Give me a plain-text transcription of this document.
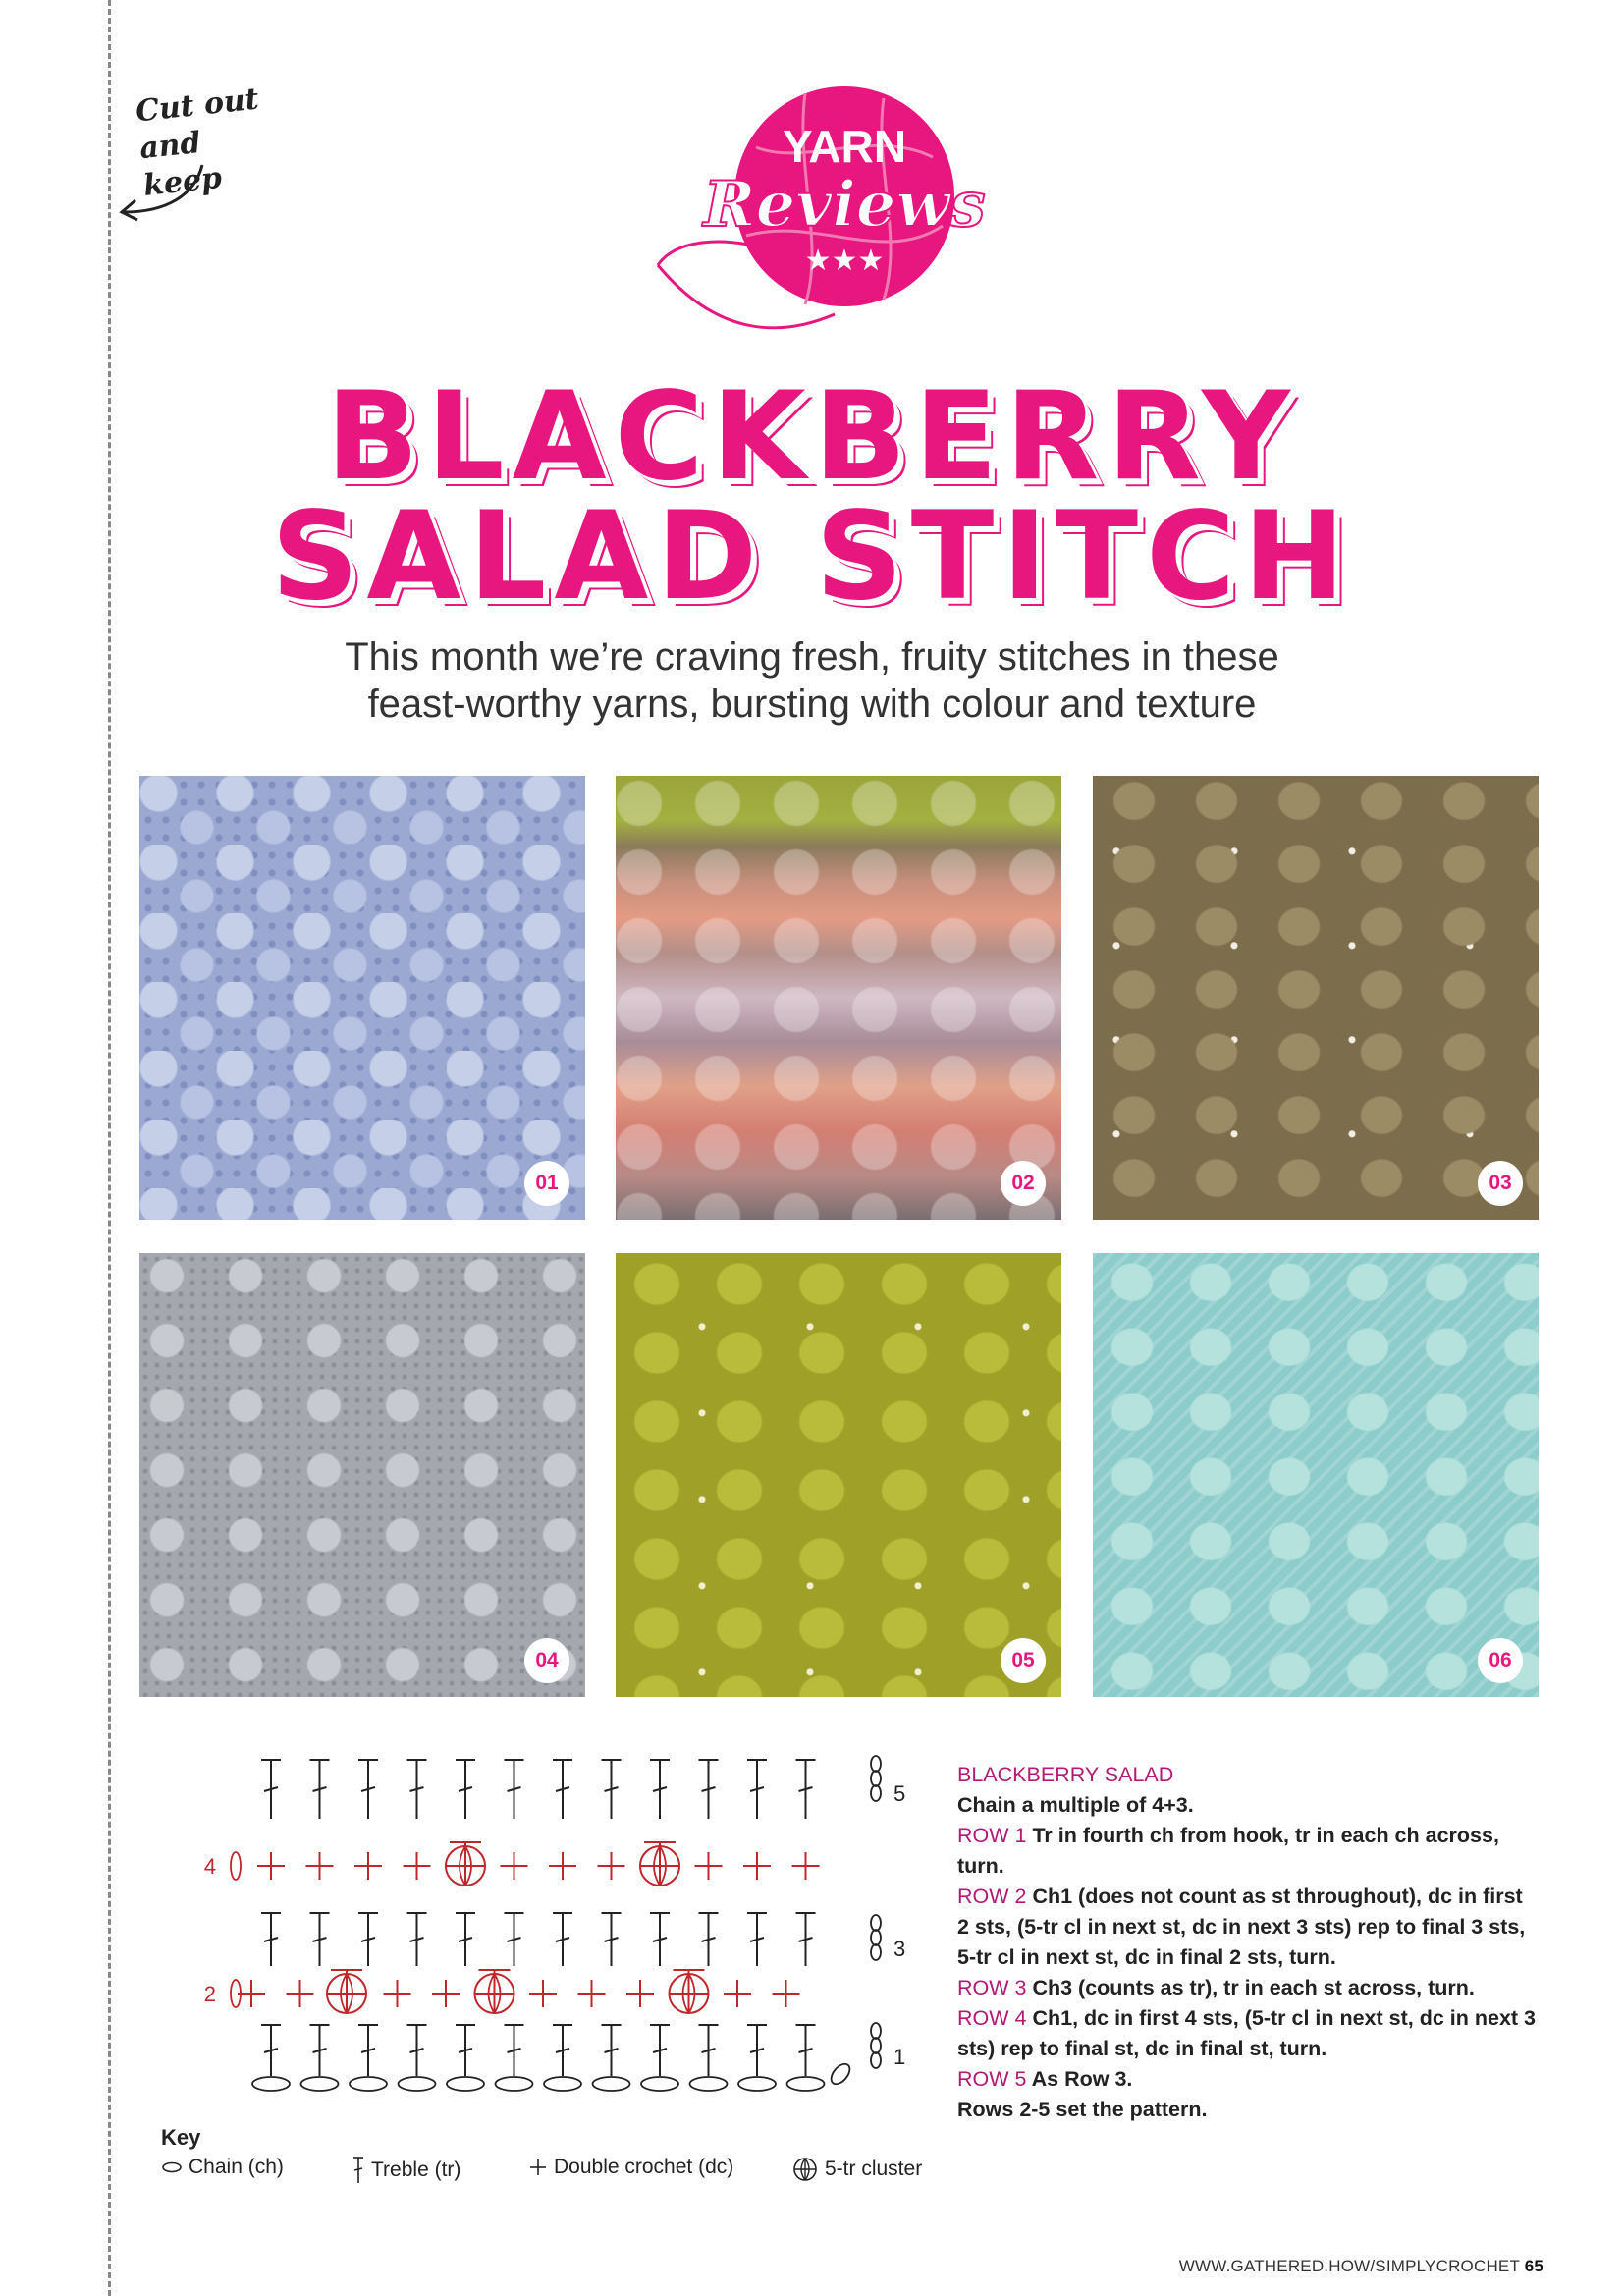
Cut out
and keep
YARN
Reviews
★★★
BLACKBERRY
SALAD STITCH
This month we’re craving fresh, fruity stitches in these
feast-worthy yarns, bursting with colour and texture
01	02	03
04	05	06
1
2
3
4
5
Key
Chain (ch)	Treble (tr)	Double crochet (dc)	5-tr cluster

BLACKBERRY SALAD

Chain a multiple of 4+3.

ROW 1 Tr in fourth ch from hook, tr in each ch across, turn.

ROW 2 Ch1 (does not count as st throughout), dc in first 2 sts, (5-tr cl in next st, dc in next 3 sts) rep to final 3 sts, 5-tr cl in next st, dc in final 2 sts, turn.

ROW 3 Ch3 (counts as tr), tr in each st across, turn.

ROW 4 Ch1, dc in first 4 sts, (5-tr cl in next st, dc in next 3 sts) rep to final st, dc in final st, turn.

ROW 5 As Row 3.

Rows 2-5 set the pattern.

WWW.GATHERED.HOW/SIMPLYCROCHET 65
